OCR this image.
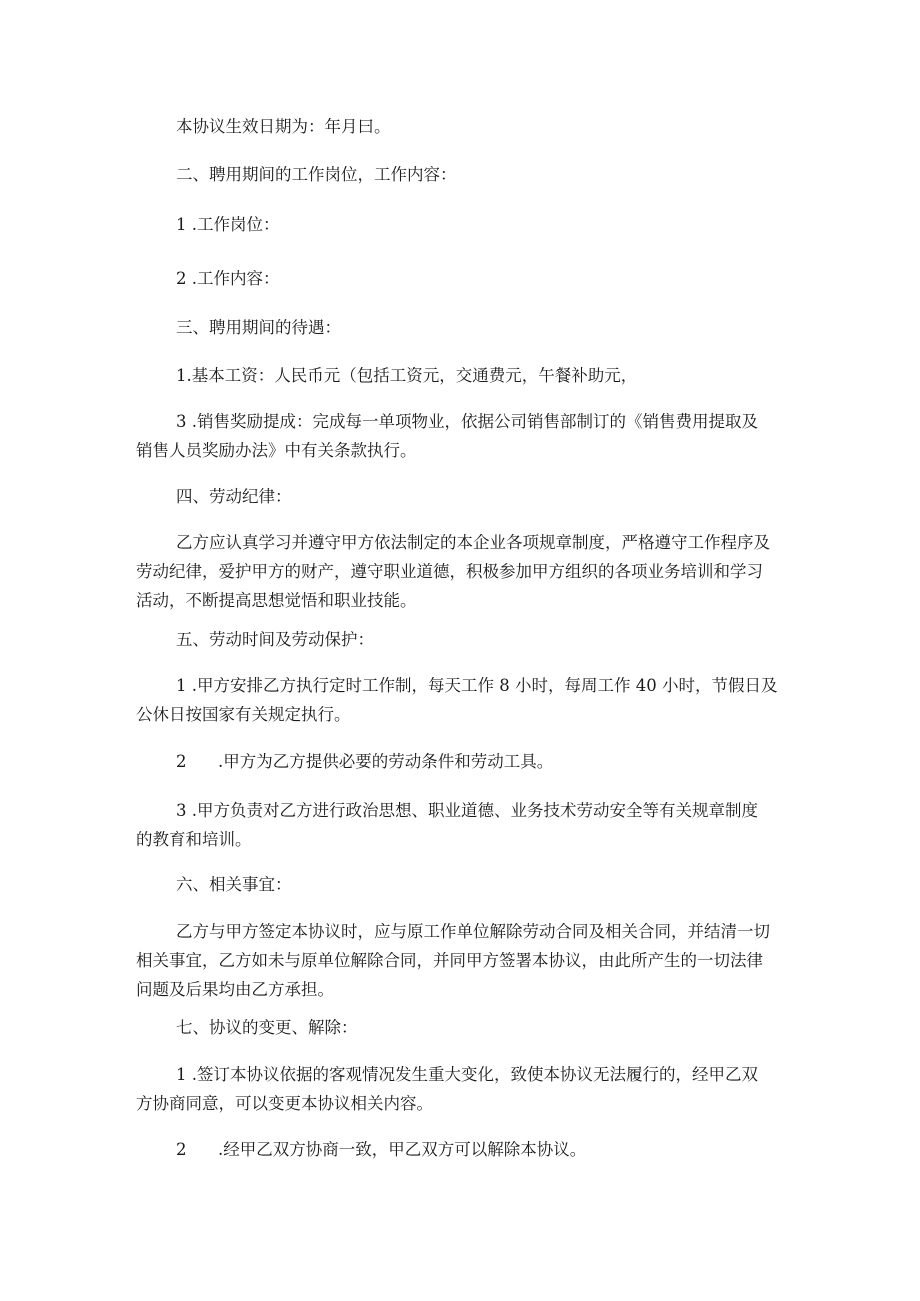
本协议生效日期为：年月曰。
二、聘用期间的工作岗位，工作内容：
1 .工作岗位：
2 .工作内容：
三、聘用期间的待遇：
1.基本工资：人民币元（包括工资元，交通费元，午餐补助元，
3 .销售奖励提成：完成每一单项物业，依据公司销售部制订的《销售费用提取及
销售人员奖励办法》中有关条款执行。
四、劳动纪律：
乙方应认真学习并遵守甲方依法制定的本企业各项规章制度，严格遵守工作程序及
劳动纪律，爱护甲方的财产，遵守职业道德，积极参加甲方组织的各项业务培训和学习
活动，不断提高思想觉悟和职业技能。
五、劳动时间及劳动保护：
1 .甲方安排乙方执行定时工作制，每天工作 8 小时，每周工作 40 小时，节假日及
公休日按国家有关规定执行。
2      .甲方为乙方提供必要的劳动条件和劳动工具。
3 .甲方负责对乙方进行政治思想、职业道德、业务技术劳动安全等有关规章制度
的教育和培训。
六、相关事宜：
乙方与甲方签定本协议时，应与原工作单位解除劳动合同及相关合同，并结清一切
相关事宜，乙方如未与原单位解除合同，并同甲方签署本协议，由此所产生的一切法律
问题及后果均由乙方承担。
七、协议的变更、解除：
1 .签订本协议依据的客观情况发生重大变化，致使本协议无法履行的，经甲乙双
方协商同意，可以变更本协议相关内容。
2      .经甲乙双方协商一致，甲乙双方可以解除本协议。
